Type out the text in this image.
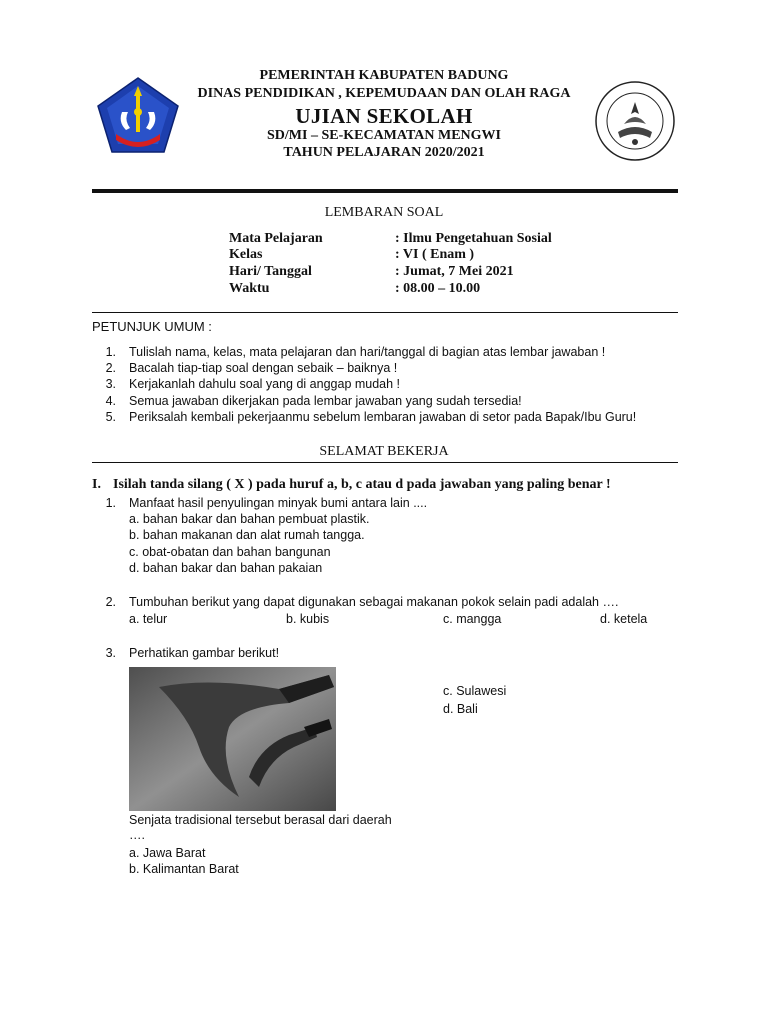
PEMERINTAH KABUPATEN BADUNG
DINAS PENDIDIKAN , KEPEMUDAAN DAN OLAH RAGA
UJIAN SEKOLAH
SD/MI – SE-KECAMATAN MENGWI
TAHUN PELAJARAN 2020/2021
LEMBARAN SOAL
Mata Pelajaran	: Ilmu Pengetahuan Sosial
Kelas	: VI ( Enam )
Hari/ Tanggal	: Jumat, 7 Mei 2021
Waktu	: 08.00 – 10.00
PETUNJUK UMUM :
1. Tulislah nama, kelas, mata pelajaran dan hari/tanggal di bagian atas lembar jawaban !
2. Bacalah tiap-tiap soal dengan sebaik – baiknya !
3. Kerjakanlah dahulu soal yang di anggap mudah !
4. Semua jawaban dikerjakan pada lembar jawaban yang sudah tersedia!
5. Periksalah kembali pekerjaanmu sebelum lembaran jawaban di setor pada Bapak/Ibu Guru!
SELAMAT BEKERJA
I. Isilah tanda silang ( X ) pada huruf a, b, c atau d pada jawaban yang paling benar !
1. Manfaat hasil penyulingan minyak bumi antara lain ....
a. bahan bakar dan bahan pembuat plastik.
b. bahan makanan dan alat rumah tangga.
c. obat-obatan dan bahan bangunan
d. bahan bakar dan bahan pakaian
2. Tumbuhan berikut yang dapat digunakan sebagai makanan pokok selain padi adalah ….
a. telur	b. kubis	c. mangga	d. ketela
3. Perhatikan gambar berikut!
c. Sulawesi
d. Bali
Senjata tradisional tersebut berasal dari daerah
….
a. Jawa Barat
b. Kalimantan Barat
